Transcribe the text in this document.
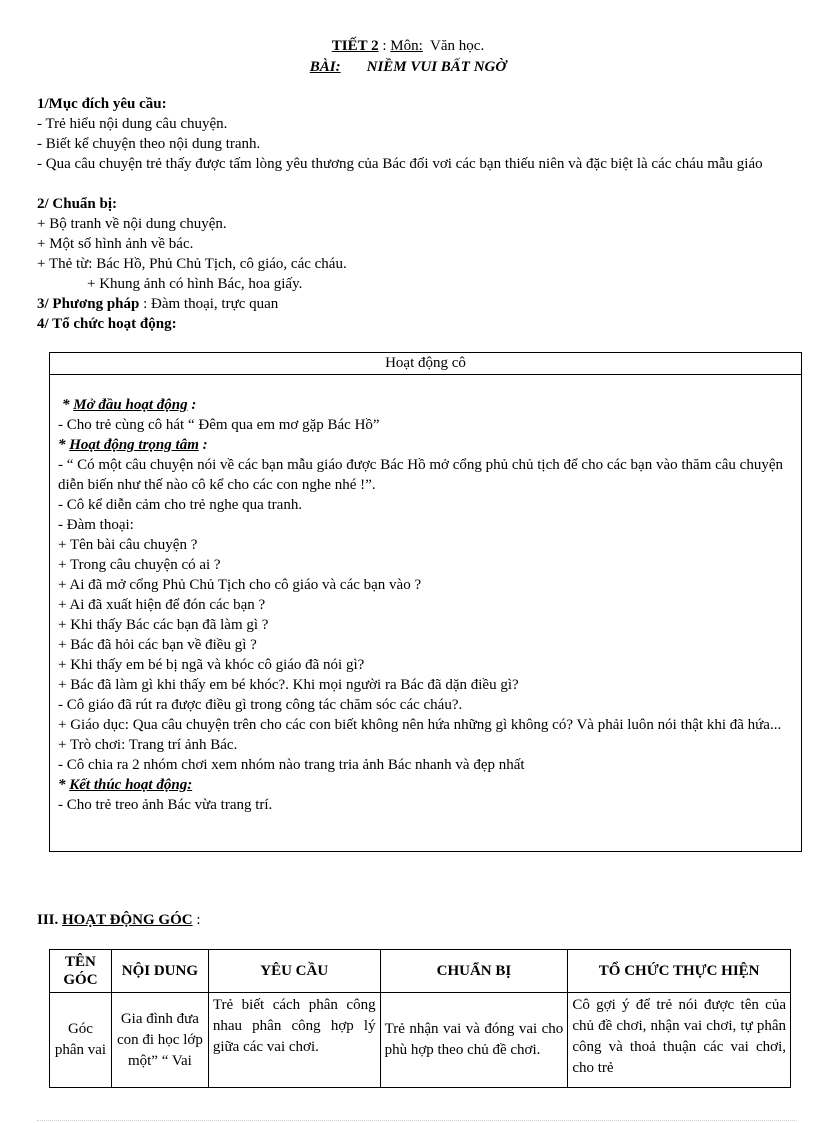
TIẾT 2 : Môn: Văn học.
BÀI: NIỀM VUI BẤT NGỜ

1/Mục đích yêu cầu:

- Trẻ hiểu nội dung câu chuyện.

- Biết kể chuyện theo nội dung tranh.

- Qua câu chuyện trẻ thấy được tấm lòng yêu thương của Bác đối vơi các bạn thiếu niên và đặc biệt là các cháu mẫu giáo

2/ Chuẩn bị:

+ Bộ tranh về nội dung chuyện.

+ Một số hình ảnh về bác.

+ Thẻ từ: Bác Hồ, Phủ Chủ Tịch, cô giáo, các cháu.

+ Khung ảnh có hình Bác, hoa giấy.

3/ Phương pháp : Đàm thoại, trực quan

4/ Tổ chức hoạt động:

Hoạt động cô

* Mở đầu hoạt động :

- Cho trẻ cùng cô hát “ Đêm qua em mơ gặp Bác Hồ”

* Hoạt động trọng tâm :

- “ Có một câu chuyện nói về các bạn mẫu giáo được Bác Hồ mở cổng phủ chủ tịch để cho các bạn vào thăm câu chuyện diễn biến như thế nào cô kể cho các con nghe nhé !”.

- Cô kể diễn cảm cho trẻ nghe qua tranh.

- Đàm thoại:

+ Tên bài câu chuyện ?

+ Trong câu chuyện có ai ?

+ Ai đã mở cổng Phủ Chủ Tịch cho cô giáo và các bạn vào ?

+ Ai đã xuất hiện để đón các bạn ?

+ Khi thấy Bác các bạn đã làm gì ?

+ Bác đã hỏi các bạn về điều gì ?

+ Khi thấy em bé bị ngã và khóc cô giáo đã nói gì?

+ Bác đã làm gì khi thấy em bé khóc?. Khi mọi người ra Bác đã dặn điều gì?

- Cô giáo đã rút ra được điều gì trong công tác chăm sóc các cháu?.

+ Giáo dục: Qua câu chuyện trên cho các con biết không nên hứa những gì không có? Và phải luôn nói thật khi đã hứa...

+ Trò chơi: Trang trí ảnh Bác.

- Cô chia ra 2 nhóm chơi xem nhóm nào trang tria ảnh Bác nhanh và đẹp nhất

* Kết thúc hoạt động:

- Cho trẻ treo ảnh Bác vừa trang trí.

III. HOẠT ĐỘNG GÓC :
TÊN GÓC	NỘI DUNG	YÊU CẦU	CHUẨN BỊ	TỔ CHỨC THỰC HIỆN
Góc phân vai	Gia đình đưa con đi học lớp một” “ Vai	Trẻ biết cách phân công nhau phân công hợp lý giữa các vai chơi.	Trẻ nhận vai và đóng vai cho phù hợp theo chủ đề chơi.	Cô gợi ý để trẻ nói được tên của chủ đề chơi, nhận vai chơi, tự phân công và thoả thuận các vai chơi, cho trẻ
